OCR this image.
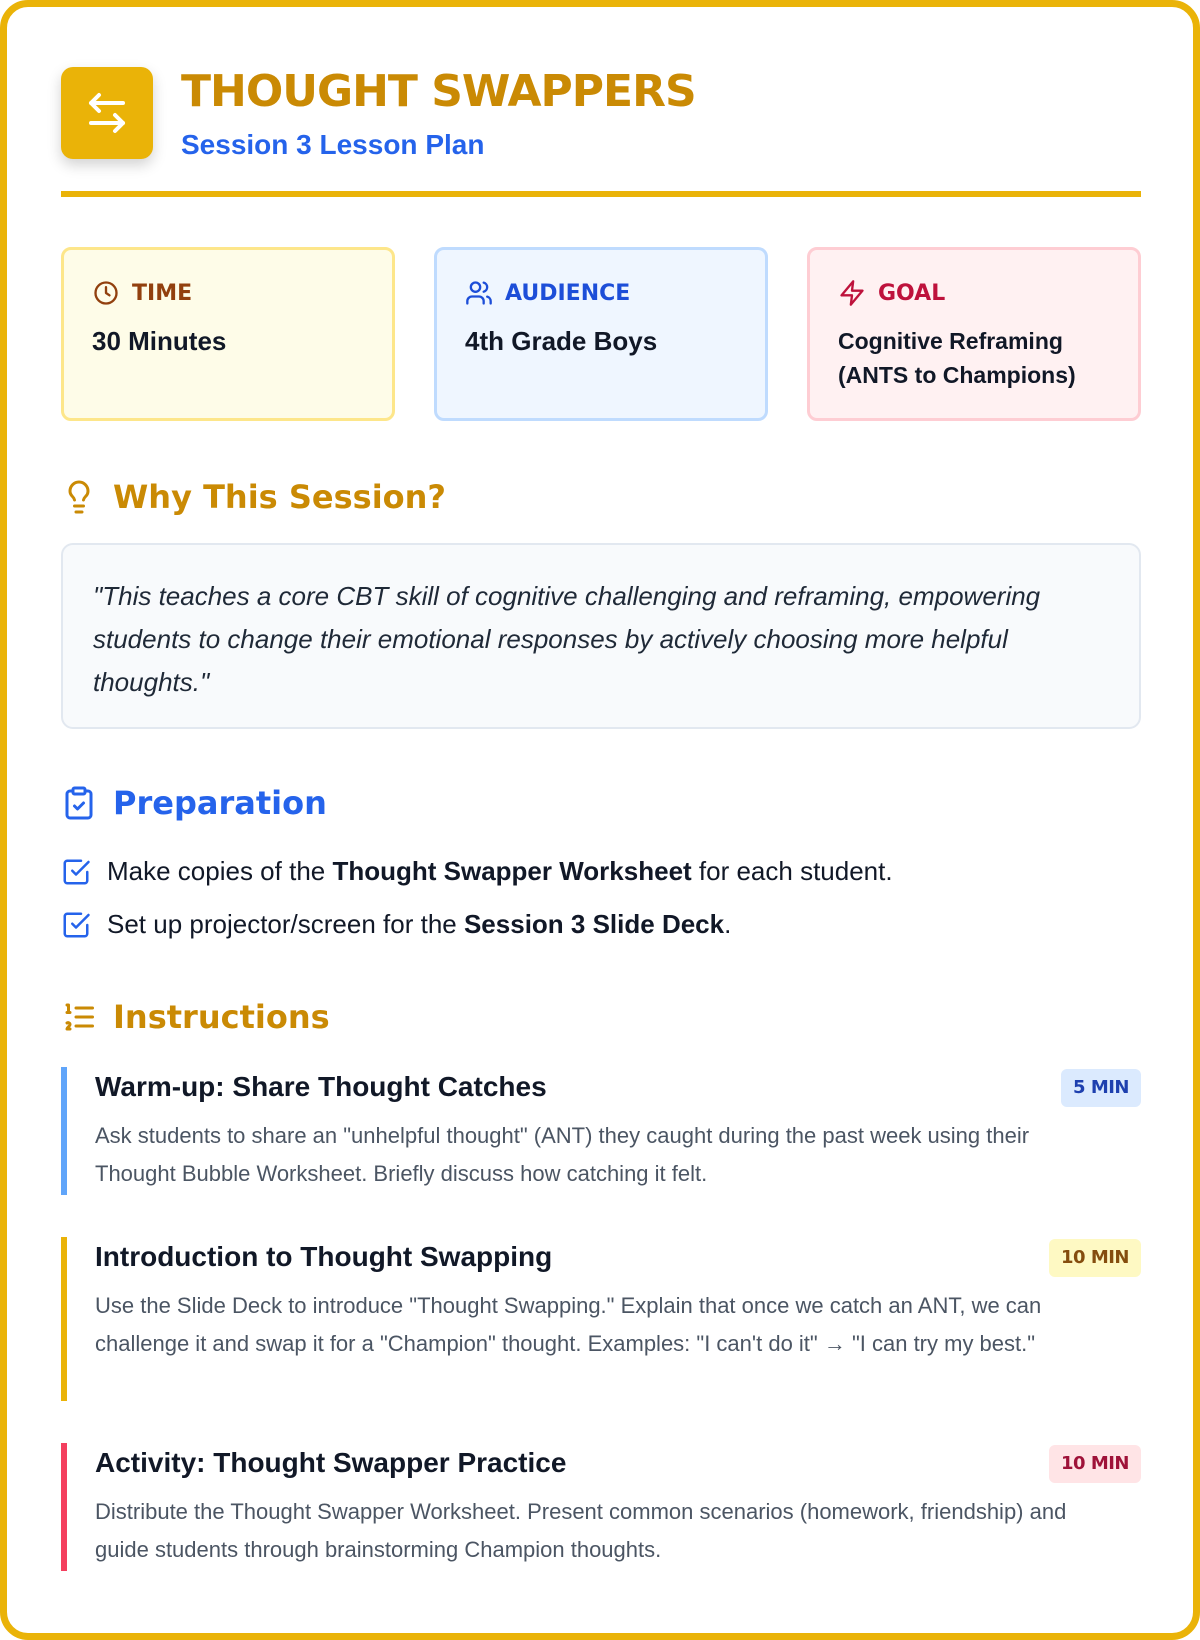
THOUGHT SWAPPERS
Session 3 Lesson Plan
TIME
30 Minutes
AUDIENCE
4th Grade Boys
GOAL
Cognitive Reframing
(ANTS to Champions)
Why This Session?
"This teaches a core CBT skill of cognitive challenging and reframing, empowering students to change their emotional responses by actively choosing more helpful thoughts."
Preparation
Make copies of the Thought Swapper Worksheet for each student.
Set up projector/screen for the Session 3 Slide Deck.
Instructions
Warm-up: Share Thought Catches	5 MIN
Ask students to share an "unhelpful thought" (ANT) they caught during the past week using their Thought Bubble Worksheet. Briefly discuss how catching it felt.
Introduction to Thought Swapping	10 MIN
Use the Slide Deck to introduce "Thought Swapping." Explain that once we catch an ANT, we can challenge it and swap it for a "Champion" thought. Examples: "I can't do it" → "I can try my best."
Activity: Thought Swapper Practice	10 MIN
Distribute the Thought Swapper Worksheet. Present common scenarios (homework, friendship) and guide students through brainstorming Champion thoughts.
